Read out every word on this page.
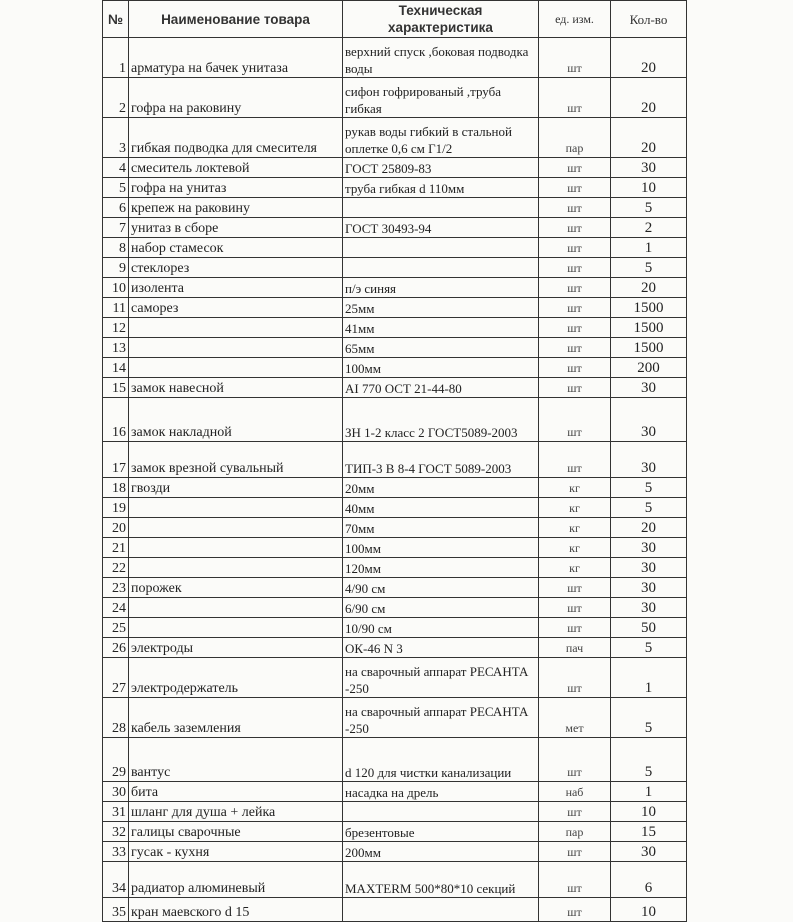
№	Наименование товара	Техническая характеристика	ед. изм.	Кол-во
1	арматура на бачек унитаза	верхний спуск ,боковая подводка воды	шт	20
2	гофра на раковину	сифон гофрированый ,труба гибкая	шт	20
3	гибкая подводка для смесителя	рукав воды гибкий в стальной оплетке 0,6 см Г1/2	пар	20
4	смеситель локтевой	ГОСТ 25809-83	шт	30
5	гофра на унитаз	труба гибкая d 110мм	шт	10
6	крепеж на раковину		шт	5
7	унитаз в сборе	ГОСТ 30493-94	шт	2
8	набор стамесок		шт	1
9	стеклорез		шт	5
10	изолента	п/э синяя	шт	20
11	саморез	25мм	шт	1500
12		41мм	шт	1500
13		65мм	шт	1500
14		100мм	шт	200
15	замок навесной	АI 770 ОСТ 21-44-80	шт	30
16	замок накладной	ЗН 1-2 класс 2 ГОСТ5089-2003	шт	30
17	замок врезной сувальный	ТИП-3 В 8-4 ГОСТ 5089-2003	шт	30
18	гвозди	20мм	кг	5
19		40мм	кг	5
20		70мм	кг	20
21		100мм	кг	30
22		120мм	кг	30
23	порожек	4/90 см	шт	30
24		6/90 см	шт	30
25		10/90 см	шт	50
26	электроды	ОК-46 N 3	пач	5
27	электродержатель	на сварочный аппарат РЕСАНТА -250	шт	1
28	кабель заземления	на сварочный аппарат РЕСАНТА -250	мет	5
29	вантус	d 120 для чистки канализации	шт	5
30	бита	насадка на дрель	наб	1
31	шланг для душа + лейка		шт	10
32	галицы сварочные	брезентовые	пар	15
33	гусак - кухня	200мм	шт	30
34	радиатор алюминевый	MAXTERM 500*80*10 секций	шт	6
35	кран маевского d 15		шт	10
